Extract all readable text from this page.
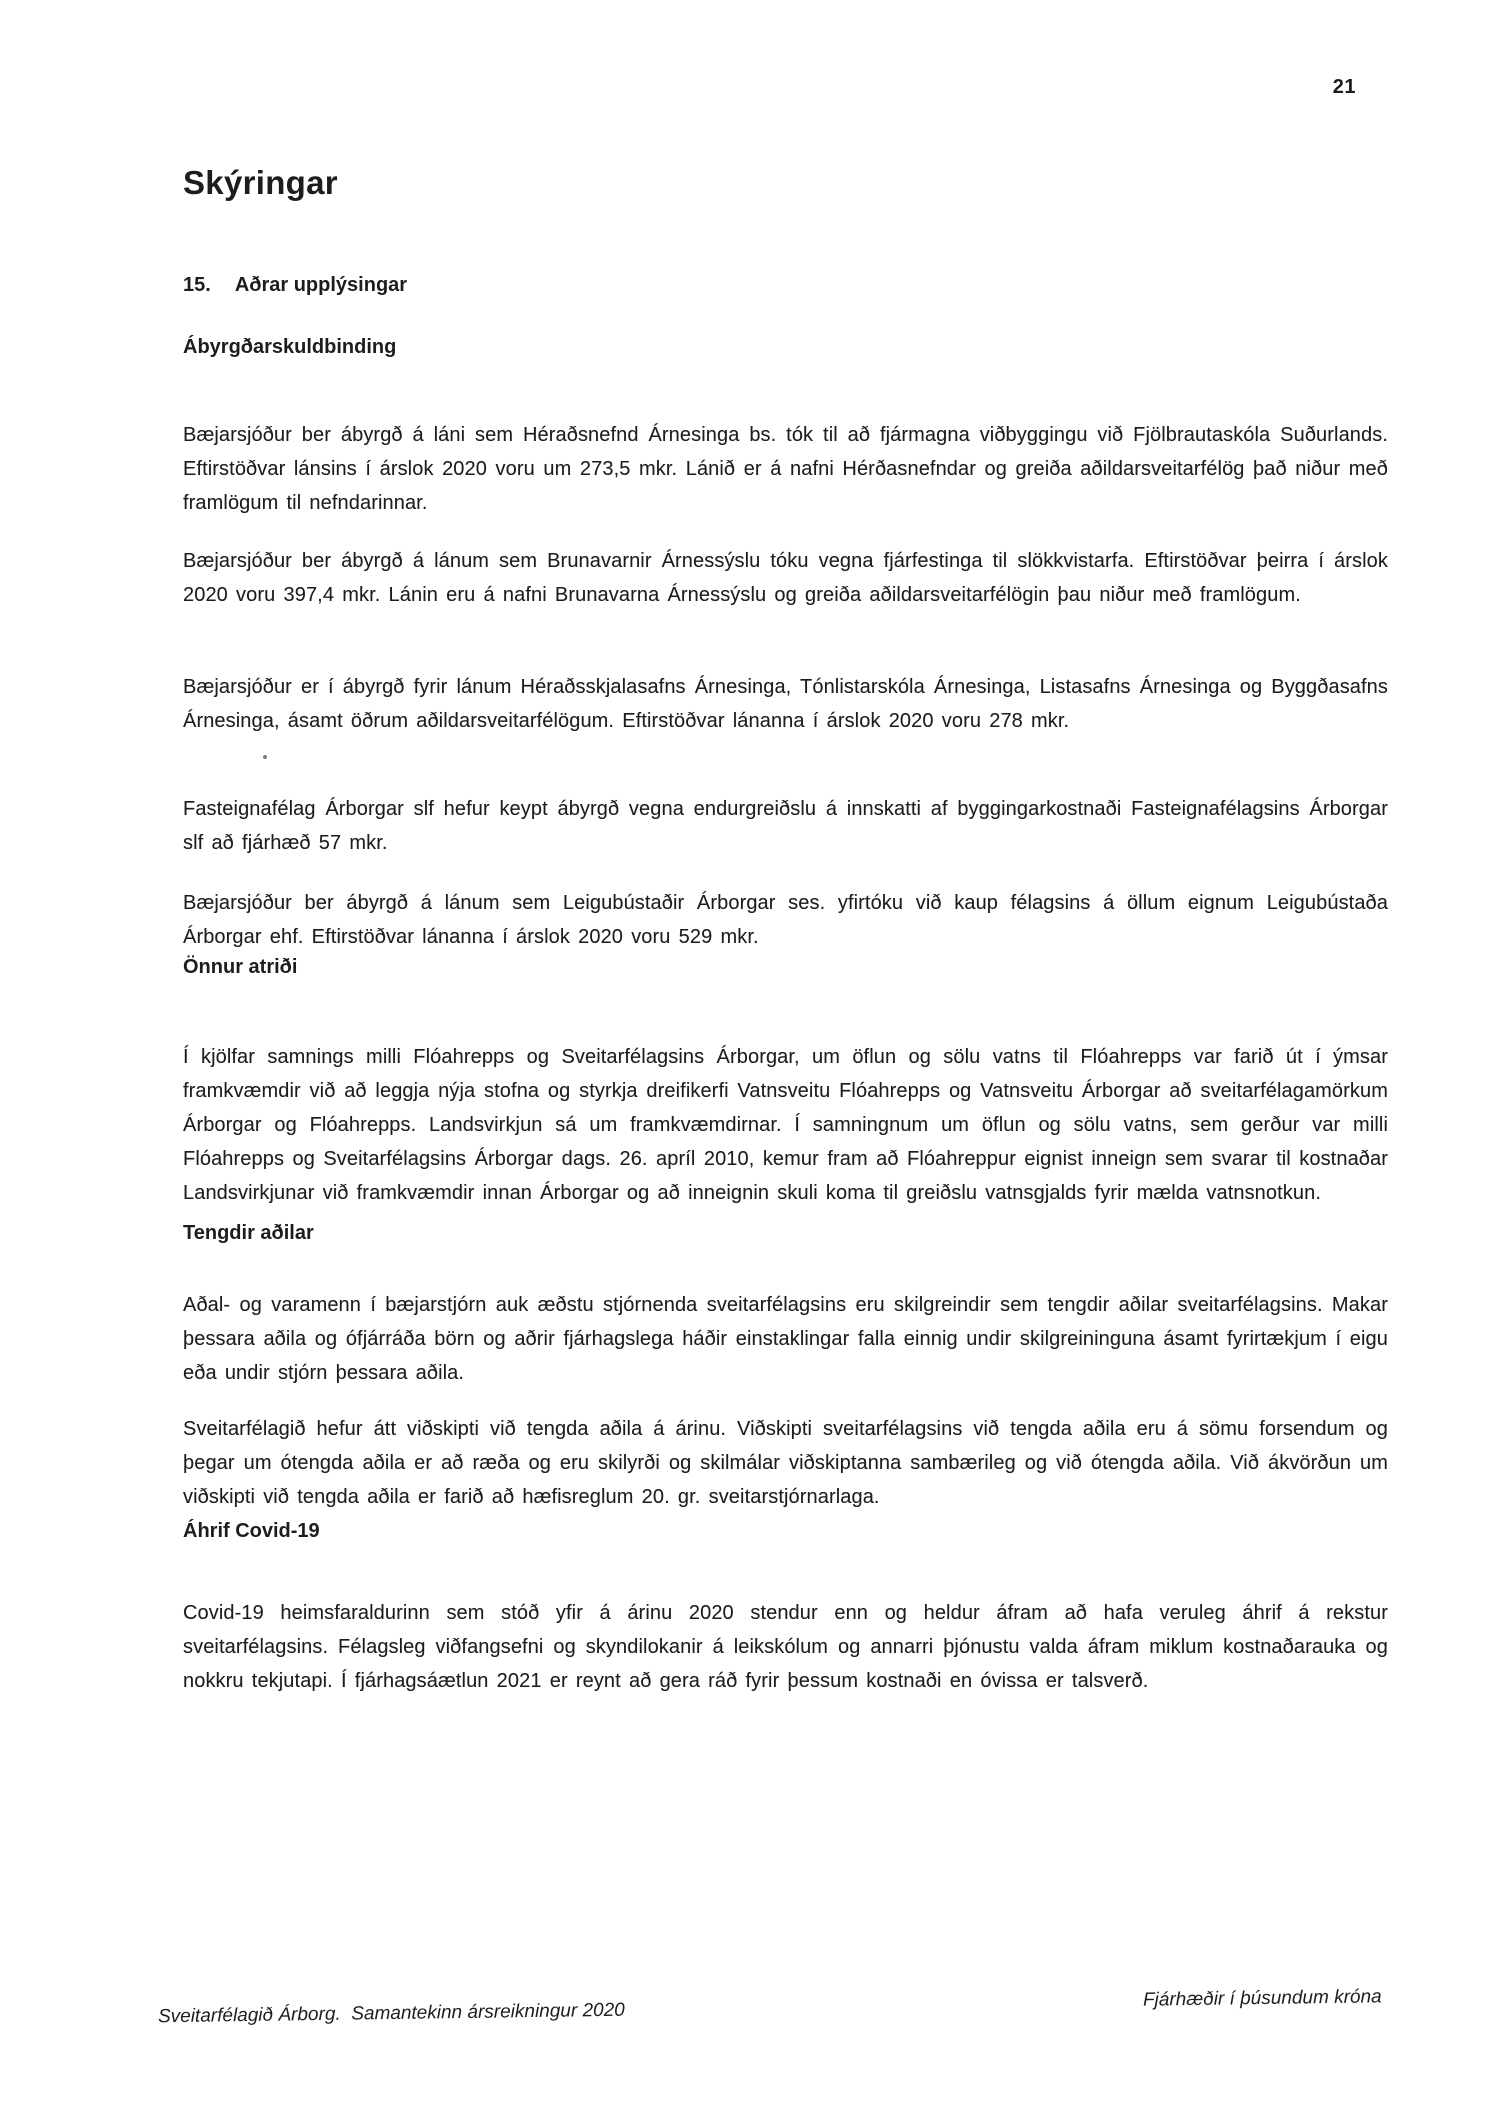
21
Skýringar
15. Aðrar upplýsingar
Ábyrgðarskuldbinding

Bæjarsjóður ber ábyrgð á láni sem Héraðsnefnd Árnesinga bs. tók til að fjármagna viðbyggingu við Fjölbrautaskóla Suðurlands. Eftirstöðvar lánsins í árslok 2020 voru um 273,5 mkr. Lánið er á nafni Hérðasnefndar og greiða aðildarsveitarfélög það niður með framlögum til nefndarinnar.

Bæjarsjóður ber ábyrgð á lánum sem Brunavarnir Árnessýslu tóku vegna fjárfestinga til slökkvistarfa. Eftirstöðvar þeirra í árslok 2020 voru 397,4 mkr. Lánin eru á nafni Brunavarna Árnessýslu og greiða aðildarsveitarfélögin þau niður með framlögum.

Bæjarsjóður er í ábyrgð fyrir lánum Héraðsskjalasafns Árnesinga, Tónlistarskóla Árnesinga, Listasafns Árnesinga og Byggðasafns Árnesinga, ásamt öðrum aðildarsveitarfélögum. Eftirstöðvar lánanna í árslok 2020 voru 278 mkr.

Fasteignafélag Árborgar slf hefur keypt ábyrgð vegna endurgreiðslu á innskatti af byggingarkostnaði Fasteignafélagsins Árborgar slf að fjárhæð 57 mkr.

Bæjarsjóður ber ábyrgð á lánum sem Leigubústaðir Árborgar ses. yfirtóku við kaup félagsins á öllum eignum Leigubústaða Árborgar ehf. Eftirstöðvar lánanna í árslok 2020 voru 529 mkr.

Önnur atriði

Í kjölfar samnings milli Flóahrepps og Sveitarfélagsins Árborgar, um öflun og sölu vatns til Flóahrepps var farið út í ýmsar framkvæmdir við að leggja nýja stofna og styrkja dreifikerfi Vatnsveitu Flóahrepps og Vatnsveitu Árborgar að sveitarfélagamörkum Árborgar og Flóahrepps. Landsvirkjun sá um framkvæmdirnar. Í samningnum um öflun og sölu vatns, sem gerður var milli Flóahrepps og Sveitarfélagsins Árborgar dags. 26. apríl 2010, kemur fram að Flóahreppur eignist inneign sem svarar til kostnaðar Landsvirkjunar við framkvæmdir innan Árborgar og að inneignin skuli koma til greiðslu vatnsgjalds fyrir mælda vatnsnotkun.

Tengdir aðilar

Aðal- og varamenn í bæjarstjórn auk æðstu stjórnenda sveitarfélagsins eru skilgreindir sem tengdir aðilar sveitarfélagsins. Makar þessara aðila og ófjárráða börn og aðrir fjárhagslega háðir einstaklingar falla einnig undir skilgreininguna ásamt fyrirtækjum í eigu eða undir stjórn þessara aðila.

Sveitarfélagið hefur átt viðskipti við tengda aðila á árinu. Viðskipti sveitarfélagsins við tengda aðila eru á sömu forsendum og þegar um ótengda aðila er að ræða og eru skilyrði og skilmálar viðskiptanna sambærileg og við ótengda aðila. Við ákvörðun um viðskipti við tengda aðila er farið að hæfisreglum 20. gr. sveitarstjórnarlaga.

Áhrif Covid-19

Covid-19 heimsfaraldurinn sem stóð yfir á árinu 2020 stendur enn og heldur áfram að hafa veruleg áhrif á rekstur sveitarfélagsins. Félagsleg viðfangsefni og skyndilokanir á leikskólum og annarri þjónustu valda áfram miklum kostnaðarauka og nokkru tekjutapi. Í fjárhagsáætlun 2021 er reynt að gera ráð fyrir þessum kostnaði en óvissa er talsverð.

Sveitarfélagið Árborg.  Samantekinn ársreikningur 2020
Fjárhæðir í þúsundum króna
